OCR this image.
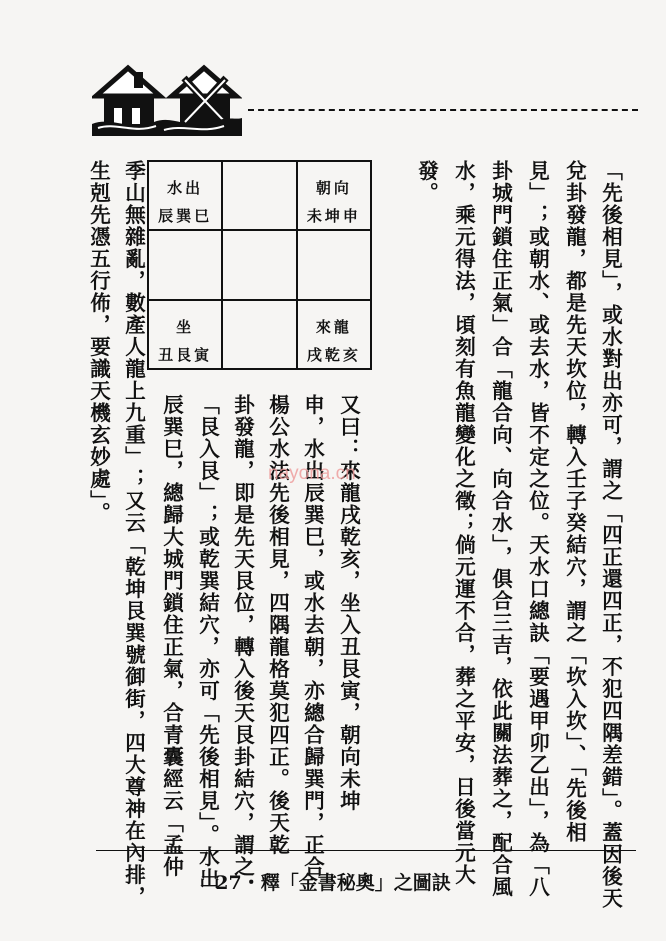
「先後相見」，或水對出亦可，謂之「四正還四正，不犯四隅差錯」。蓋因後天
兌卦發龍，都是先天坎位，轉入壬子癸結穴，謂之「坎入坎」、「先後相
見」；或朝水、或去水，皆不定之位。天水口總訣「要遇甲卯乙出」，為「八
卦城門鎖住正氣」合「龍合向、向合水」，俱合三吉，依此關法葬之，配合風
水，乘元得法，頃刻有魚龍變化之徵；倘元運不合，葬之平安，日後當元大
發。
水出
辰巽巳
朝向
未坤申
坐
丑艮寅
來龍
戌乾亥
又曰：來龍戌乾亥，坐入丑艮寅，朝向未坤
申，水出辰巽巳，或水去朝，亦總合歸巽門，正合
楊公水法先後相見，四隅龍格莫犯四正。後天乾
卦發龍，即是先天艮位，轉入後天艮卦結穴，謂之
「艮入艮」；或乾巽結穴，亦可「先後相見」。水出
辰巽巳，總歸大城門鎖住正氣，合青囊經云「孟仲
季山無雜亂，數產人龍上九重」；又云「乾坤艮巽號御街，四大尊神在內排，
生剋先憑五行佈，要識天機玄妙處」。	nayona.cn
27・釋「金書秘奧」之圖訣
